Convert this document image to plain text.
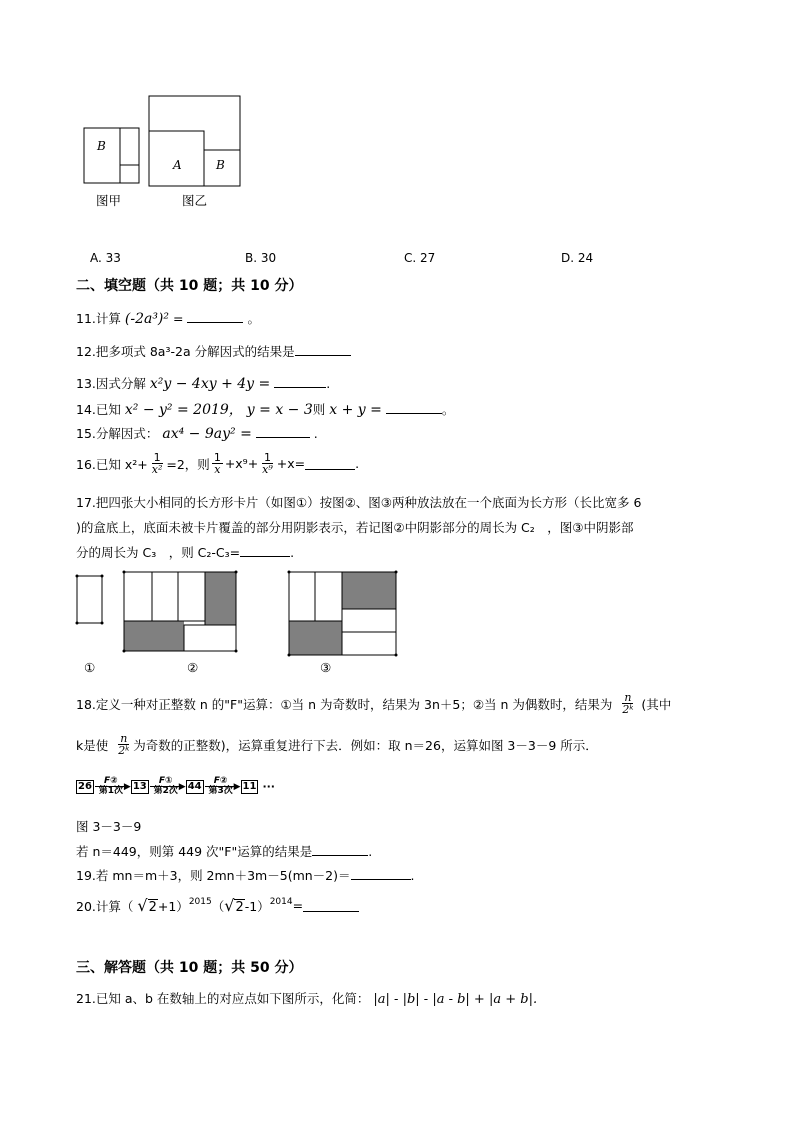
B
A	B
图甲	图乙
A. 33	B. 30	C. 27	D. 24
二、填空题（共 10 题；共 10 分）
11.计算 (-2a³)² =	。
12.把多项式 8a³-2a 分解因式的结果是
13.因式分解 x²y − 4xy + 4y =	.
14.已知 x² − y² = 2019， y = x − 3则 x + y =	。
15.分解因式： ax⁴ − 9ay² =	.
16.已知 $x^2+ \frac{1}{\text{x²}} =2$，则 $\frac{1}{x} +x^9+ \frac{1}{\text{x⁹}} +x=$	.
17.把四张大小相同的长方形卡片（如图①）按图②、图③两种放法放在一个底面为长方形（长比宽多 6
)的盒底上，底面未被卡片覆盖的部分用阴影表示，若记图②中阴影部分的周长为 C₂　，图③中阴影部
分的周长为 C₃　，则 C₂-C₃=	.
①	②	③
18.定义一种对正整数 n 的"F"运算：①当 n 为奇数时，结果为 3n＋5；②当 n 为偶数时，结果为 $\frac{n}{\text{2ᵏ}}$ (其中
k是使 $\frac{n}{\text{2ᵏ}}$ 为奇数的正整数)，运算重复进行下去．例如：取 n＝26，运算如图 3－3－9 所示．
26 F②
第1次 ▶ 13 F①
第2次 ▶ 44 F②
第3次 ▶ 11 ···
图 3－3－9
若 n＝449，则第 449 次"F"运算的结果是	.
19.若 mn＝m＋3，则 2mn＋3m－5(mn－2)＝	.
20.计算（ √ 2 +1）$^{2015}$ （ √ 2 -1）$^{2014}$ =
三、解答题（共 10 题；共 50 分）
21.已知 a、b 在数轴上的对应点如下图所示，化简： |a| - |b| - |a - b| + |a + b|.
